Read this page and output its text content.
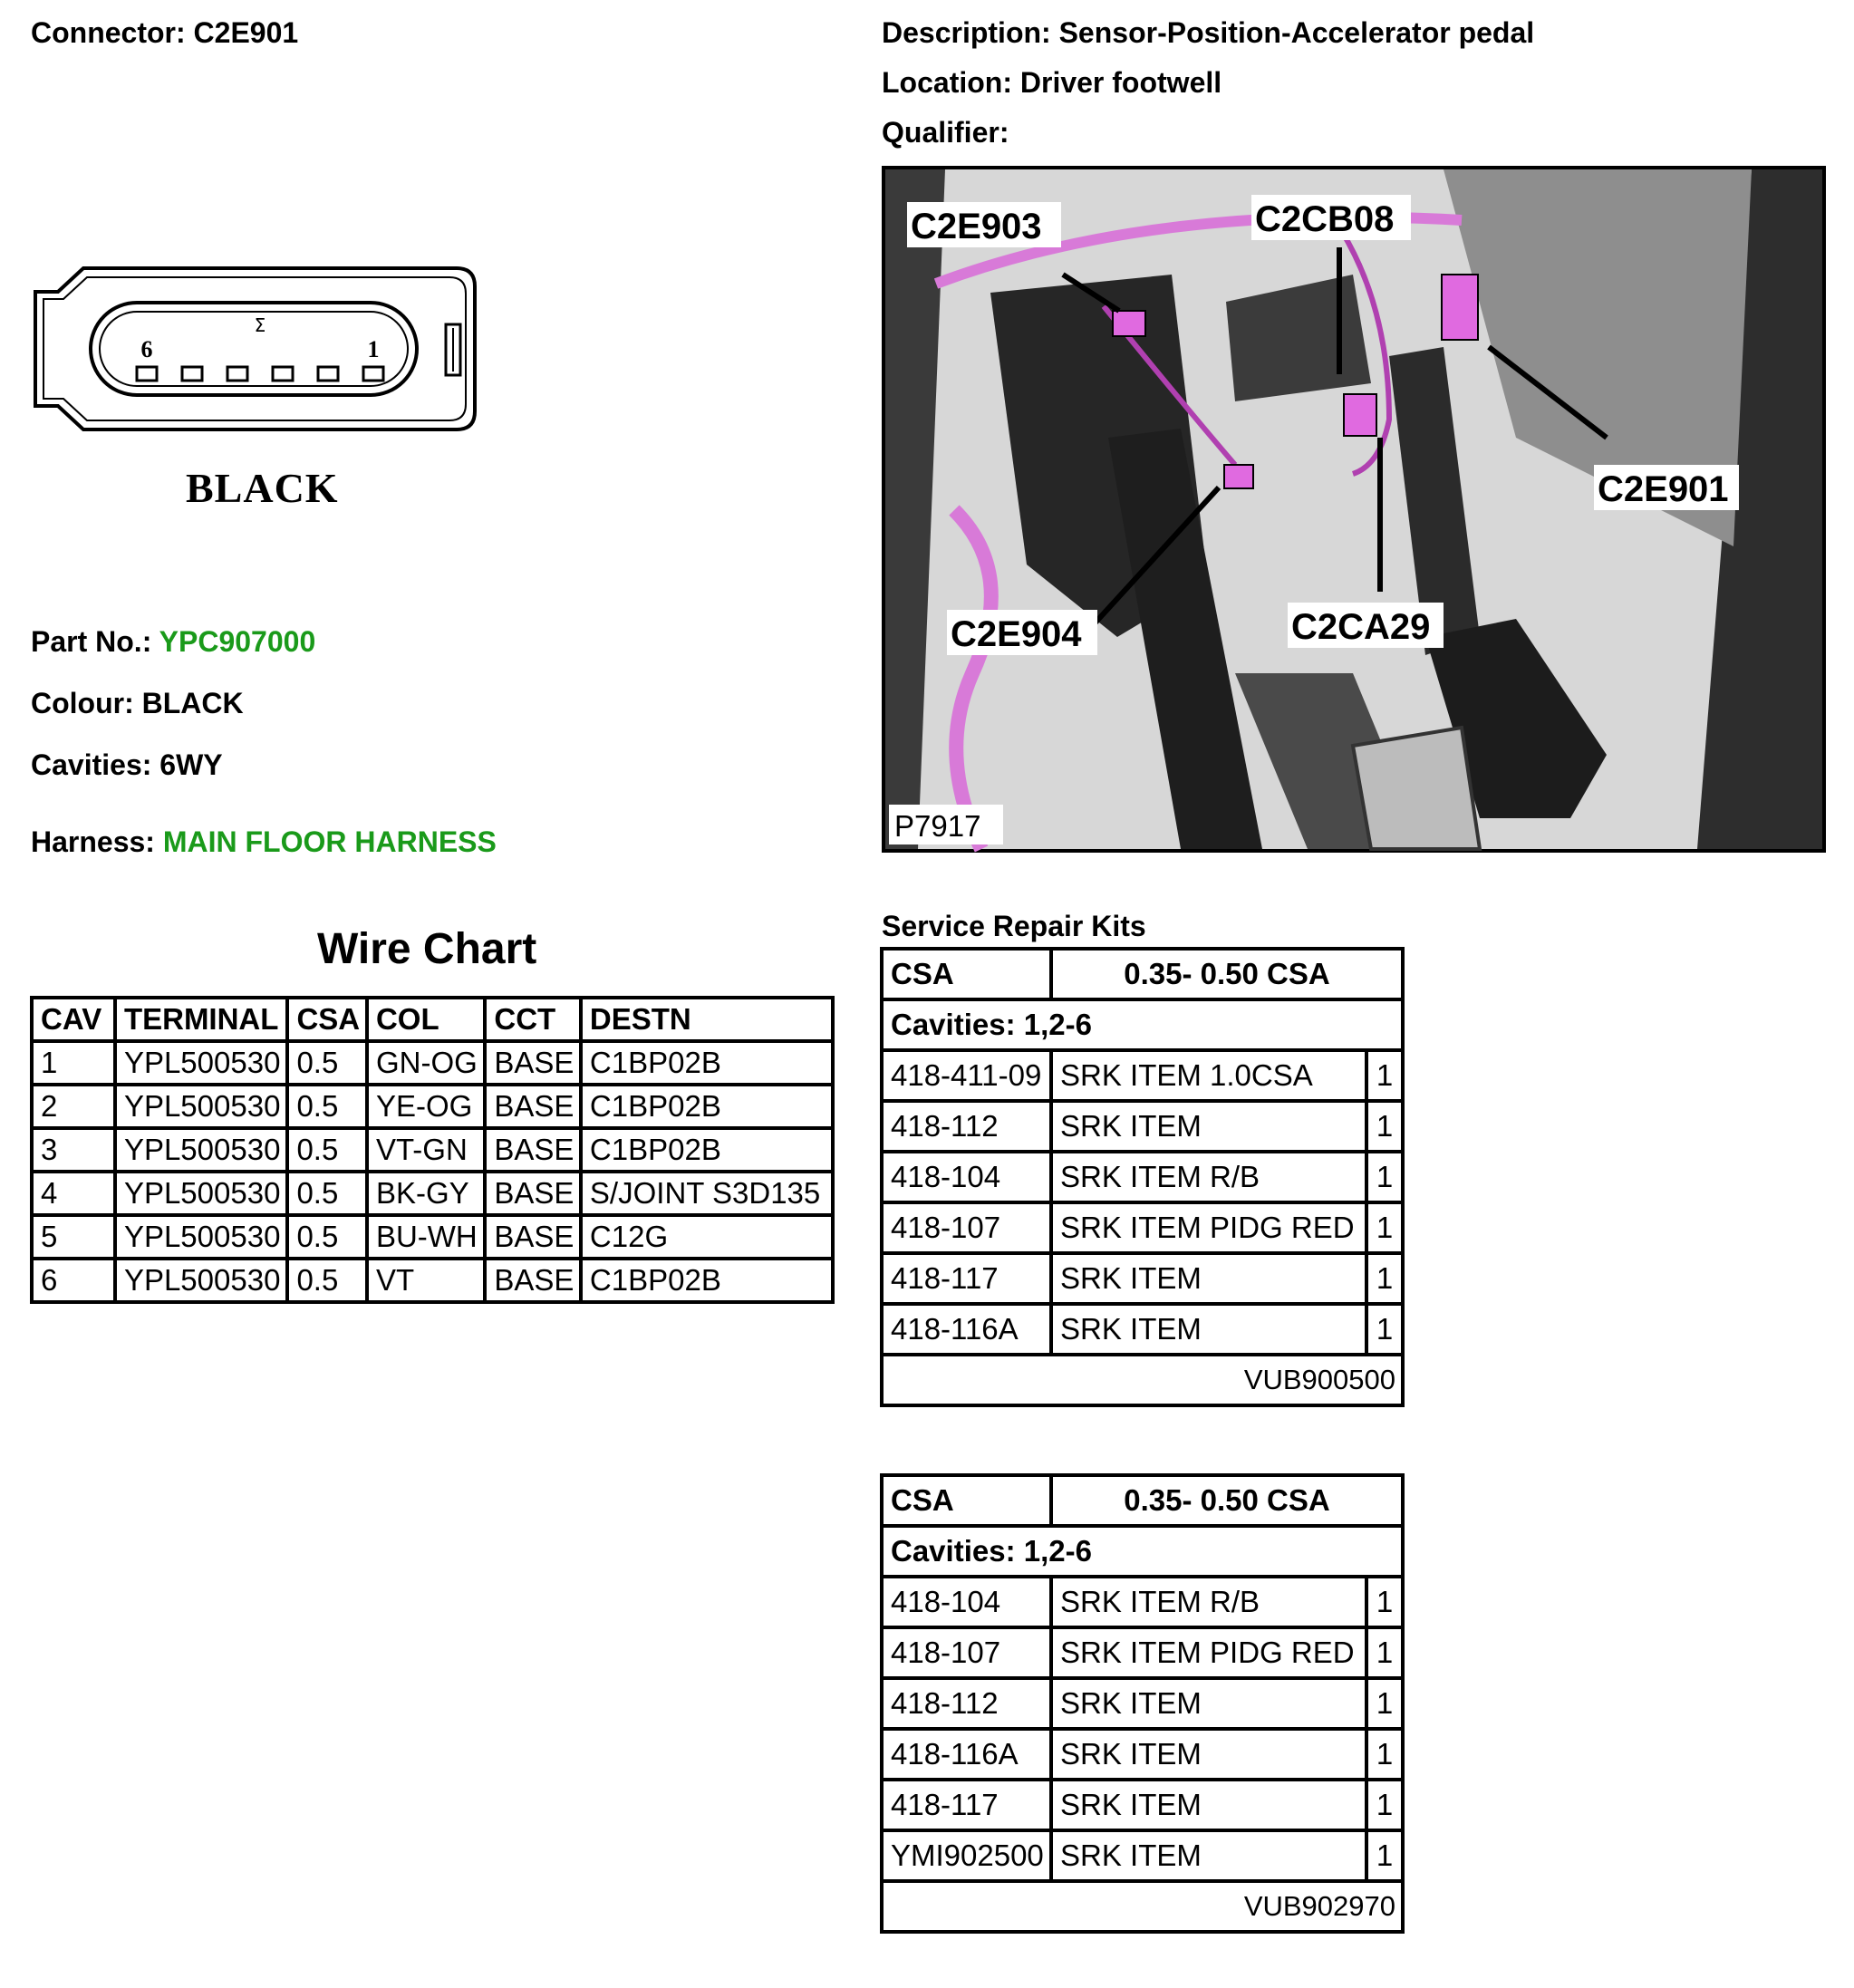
Connector: C2E901	Description: Sensor-Position-Accelerator pedal
Location: Driver footwell
Qualifier:
6	1
Σ
BLACK
Part No.: YPC907000
Colour: BLACK
Cavities: 6WY
Harness: MAIN FLOOR HARNESS
C2E903	C2CB08
C2E901
C2E904	C2CA29
P7917
Wire Chart
CAV	TERMINAL	CSA	COL	CCT	DESTN
1	YPL500530	0.5	GN-OG	BASE	C1BP02B
2	YPL500530	0.5	YE-OG	BASE	C1BP02B
3	YPL500530	0.5	VT-GN	BASE	C1BP02B
4	YPL500530	0.5	BK-GY	BASE	S/JOINT S3D135
5	YPL500530	0.5	BU-WH	BASE	C12G
6	YPL500530	0.5	VT	BASE	C1BP02B
Service Repair Kits
CSA	0.35- 0.50 CSA	
Cavities: 1,2-6		
418-411-09	SRK ITEM 1.0CSA	1
418-112	SRK ITEM	1
418-104	SRK ITEM R/B	1
418-107	SRK ITEM PIDG RED	1
418-117	SRK ITEM	1
418-116A	SRK ITEM	1
VUB900500		
CSA	0.35- 0.50 CSA	
Cavities: 1,2-6		
418-104	SRK ITEM R/B	1
418-107	SRK ITEM PIDG RED	1
418-112	SRK ITEM	1
418-116A	SRK ITEM	1
418-117	SRK ITEM	1
YMI902500	SRK ITEM	1
VUB902970		
